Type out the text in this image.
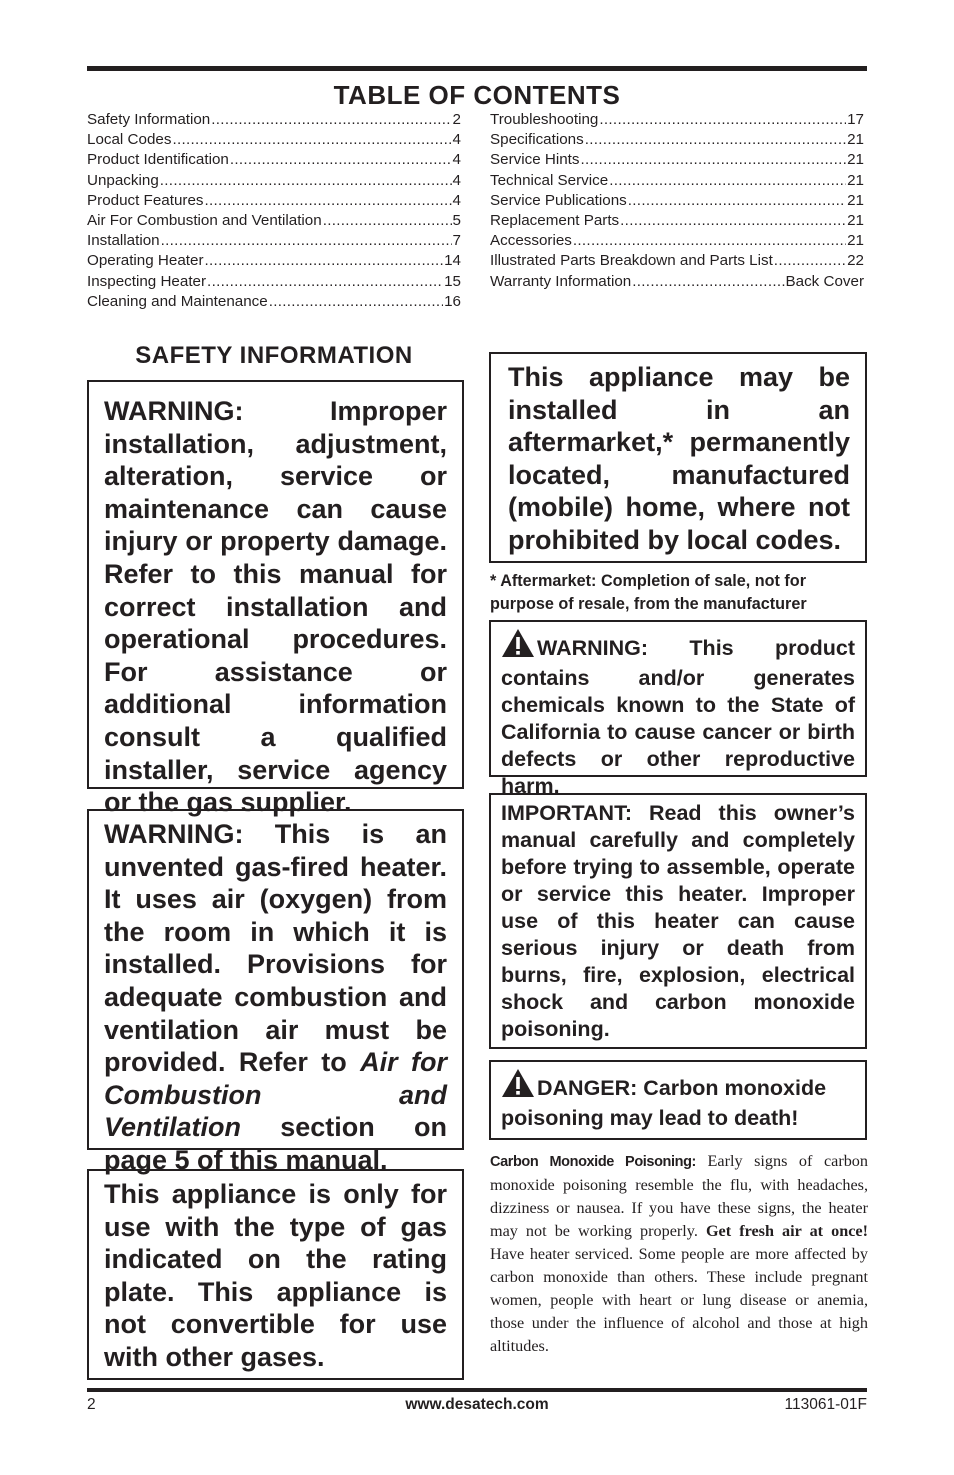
TABLE OF CONTENTS
Safety Information .....	2
Local Codes .....	4
Product Identification .....	4
Unpacking .....	4
Product Features .....	4
Air For Combustion and Ventilation .....	5
Installation .....	7
Operating Heater .....	14
Inspecting Heater .....	15
Cleaning and Maintenance .....	16
Troubleshooting .....	17
Specifications .....	21
Service Hints .....	21
Technical Service .....	21
Service Publications .....	21
Replacement Parts .....	21
Accessories .....	21
Illustrated Parts Breakdown and Parts List .....	22
Warranty Information .....	Back Cover
SAFETY INFORMATION
WARNING: Improper installation, adjustment, alteration, service or maintenance can cause injury or property damage. Refer to this manual for correct installation and operational procedures. For assistance or additional information consult a qualified installer, service agency or the gas supplier.
WARNING: This is an unvented gas-fired heater. It uses air (oxygen) from the room in which it is installed. Provisions for adequate combustion and ventilation air must be provided. Refer to Air for Combustion and Ventilation section on page 5 of this manual.
This appliance is only for use with the type of gas indicated on the rating plate. This appliance is not convertible for use with other gases.
This appliance may be installed in an aftermarket,* permanently located, manufactured (mobile) home, where not prohibited by local codes.
* Aftermarket: Completion of sale, not for purpose of resale, from the manufacturer
WARNING: This product contains and/or generates chemicals known to the State of California to cause cancer or birth defects or other reproductive harm.
IMPORTANT: Read this owner’s manual carefully and completely before trying to assemble, operate or service this heater. Improper use of this heater can cause serious injury or death from burns, fire, explosion, electrical shock and carbon monoxide poisoning.
DANGER: Carbon monoxide poisoning may lead to death!
Carbon Monoxide Poisoning: Early signs of carbon monoxide poisoning resemble the flu, with headaches, dizziness or nausea. If you have these signs, the heater may not be working properly. Get fresh air at once! Have heater serviced. Some people are more affected by carbon monoxide than others. These include pregnant women, people with heart or lung disease or anemia, those under the influence of alcohol and those at high altitudes.
2	www.desatech.com	113061-01F
